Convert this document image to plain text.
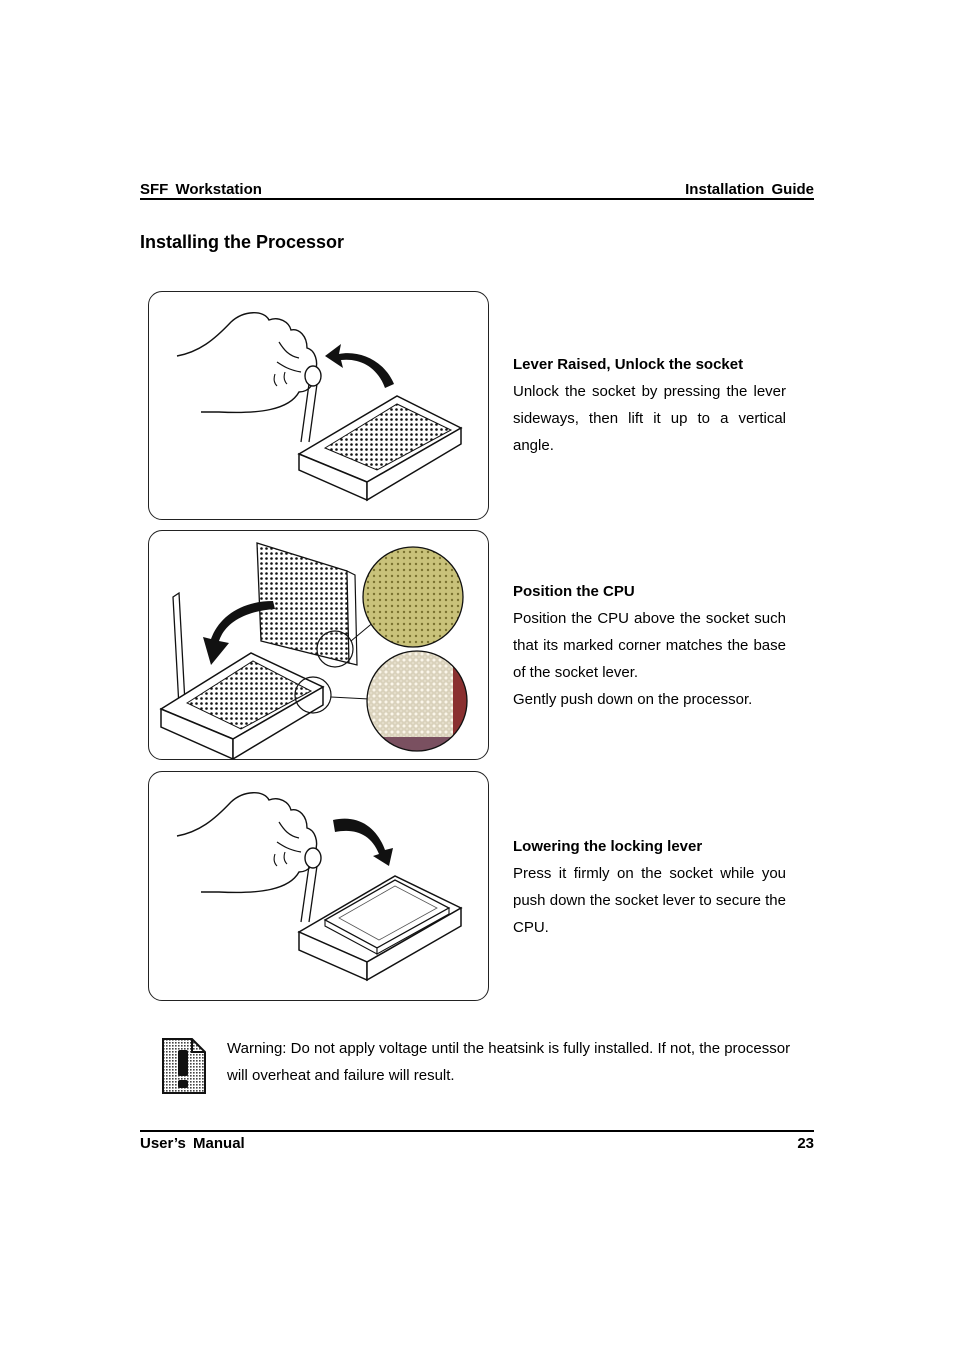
SFF Workstation	Installation Guide
Installing the Processor
Lever Raised, Unlock the socket
Unlock the socket by pressing the lever sideways, then lift it up to a vertical angle.
Position the CPU
Position the CPU above the socket such that its marked corner matches the base of the socket lever.
Gently push down on the processor.
Lowering the locking lever
Press it firmly on the socket while you push down the socket lever to secure the CPU.
Warning: Do not apply voltage until the heatsink is fully installed. If not, the processor will overheat and failure will result.
User’s Manual	23
